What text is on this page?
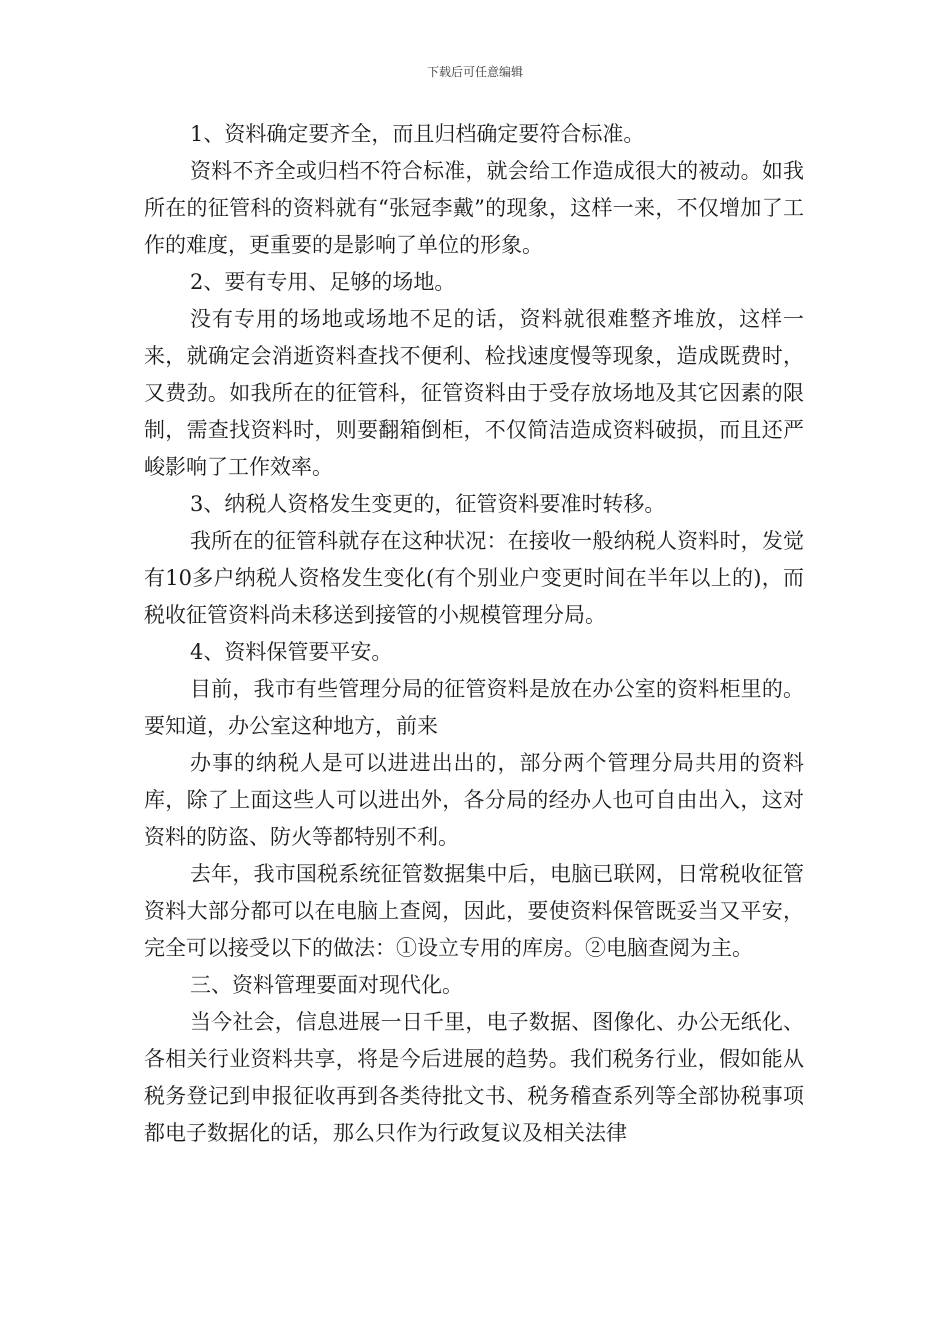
下载后可任意编辑

1、资料确定要齐全，而且归档确定要符合标准。

资料不齐全或归档不符合标准，就会给工作造成很大的被动。如我所在的征管科的资料就有“张冠李戴”的现象，这样一来，不仅增加了工作的难度，更重要的是影响了单位的形象。

2、要有专用、足够的场地。

没有专用的场地或场地不足的话，资料就很难整齐堆放，这样一来，就确定会消逝资料查找不便利、检找速度慢等现象，造成既费时，又费劲。如我所在的征管科，征管资料由于受存放场地及其它因素的限制，需查找资料时，则要翻箱倒柜，不仅简洁造成资料破损，而且还严峻影响了工作效率。

3、纳税人资格发生变更的，征管资料要准时转移。

我所在的征管科就存在这种状况：在接收一般纳税人资料时，发觉有10多户纳税人资格发生变化(有个别业户变更时间在半年以上的)，而税收征管资料尚未移送到接管的小规模管理分局。

4、资料保管要平安。

目前，我市有些管理分局的征管资料是放在办公室的资料柜里的。要知道，办公室这种地方，前来

办事的纳税人是可以进进出出的，部分两个管理分局共用的资料库，除了上面这些人可以进出外，各分局的经办人也可自由出入，这对资料的防盗、防火等都特别不利。

去年，我市国税系统征管数据集中后，电脑已联网，日常税收征管资料大部分都可以在电脑上查阅，因此，要使资料保管既妥当又平安，完全可以接受以下的做法：①设立专用的库房。②电脑查阅为主。

三、资料管理要面对现代化。

当今社会，信息进展一日千里，电子数据、图像化、办公无纸化、各相关行业资料共享，将是今后进展的趋势。我们税务行业，假如能从税务登记到申报征收再到各类待批文书、税务稽查系列等全部协税事项都电子数据化的话，那么只作为行政复议及相关法律
